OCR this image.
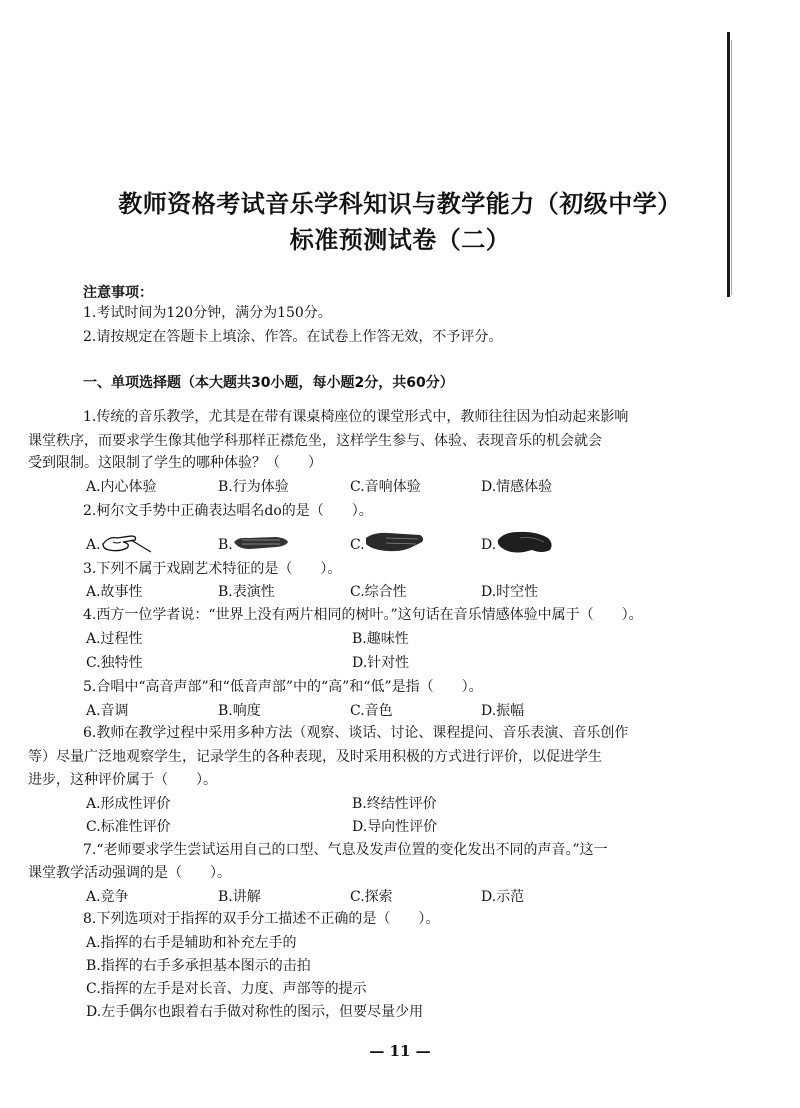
教师资格考试音乐学科知识与教学能力（初级中学）
标准预测试卷（二）
注意事项：
1.考试时间为120分钟，满分为150分。
2.请按规定在答题卡上填涂、作答。在试卷上作答无效，不予评分。
一、单项选择题（本大题共30小题，每小题2分，共60分）
1.传统的音乐教学，尤其是在带有课桌椅座位的课堂形式中，教师往往因为怕动起来影响
课堂秩序，而要求学生像其他学科那样正襟危坐，这样学生参与、体验、表现音乐的机会就会
受到限制。这限制了学生的哪种体验？（　　）
A.内心体验	B.行为体验	C.音响体验	D.情感体验
2.柯尔文手势中正确表达唱名do的是（　　）。
A.	B.	C.	D.
3.下列不属于戏剧艺术特征的是（　　）。
A.故事性	B.表演性	C.综合性	D.时空性
4.西方一位学者说：“世界上没有两片相同的树叶。”这句话在音乐情感体验中属于（　　）。
A.过程性	B.趣味性
C.独特性	D.针对性
5.合唱中“高音声部”和“低音声部”中的“高”和“低”是指（　　）。
A.音调	B.响度	C.音色	D.振幅
6.教师在教学过程中采用多种方法（观察、谈话、讨论、课程提问、音乐表演、音乐创作
等）尽量广泛地观察学生，记录学生的各种表现，及时采用积极的方式进行评价，以促进学生
进步，这种评价属于（　　）。
A.形成性评价	B.终结性评价
C.标准性评价	D.导向性评价
7.“老师要求学生尝试运用自己的口型、气息及发声位置的变化发出不同的声音。”这一
课堂教学活动强调的是（　　）。
A.竞争	B.讲解	C.探索	D.示范
8.下列选项对于指挥的双手分工描述不正确的是（　　）。
A.指挥的右手是辅助和补充左手的
B.指挥的右手多承担基本图示的击拍
C.指挥的左手是对长音、力度、声部等的提示
D.左手偶尔也跟着右手做对称性的图示，但要尽量少用
— 11 —
